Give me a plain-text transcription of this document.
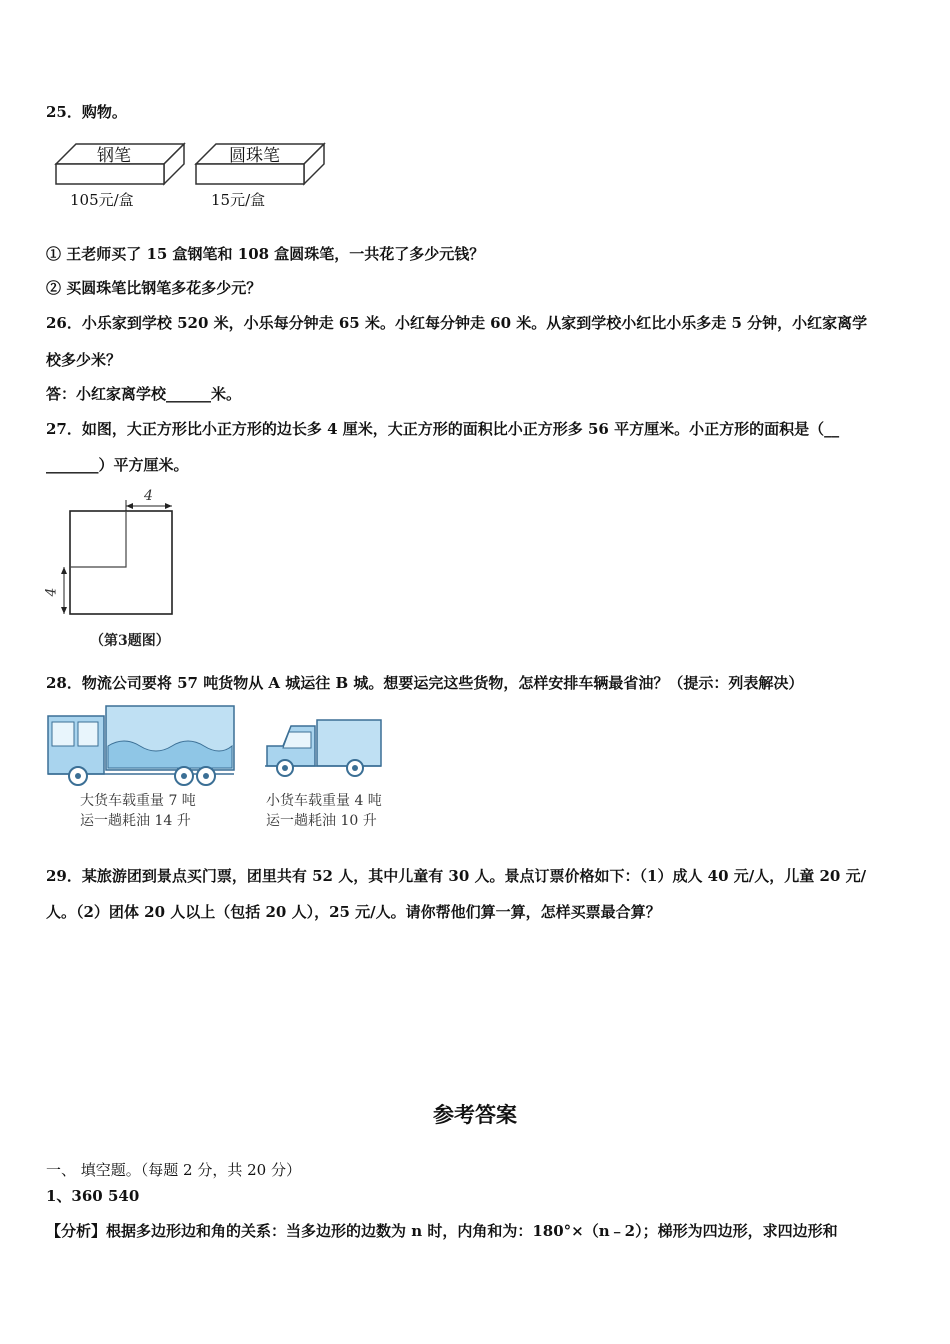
25．购物。
钢笔	圆珠笔
105元/盒	15元/盒
① 王老师买了 15 盒钢笔和 108 盒圆珠笔，一共花了多少元钱？
② 买圆珠笔比钢笔多花多少元？
26．小乐家到学校 520 米，小乐每分钟走 65 米。小红每分钟走 60 米。从家到学校小红比小乐多走 5 分钟，小红家离学
校多少米？
答：小红家离学校______米。
27．如图，大正方形比小正方形的边长多 4 厘米，大正方形的面积比小正方形多 56 平方厘米。小正方形的面积是（__
_______）平方厘米。
4
4
（第3题图）
28．物流公司要将 57 吨货物从 A 城运往 B 城。想要运完这些货物，怎样安排车辆最省油？（提示：列表解决）
大货车载重量 7 吨
运一趟耗油 14 升
小货车载重量 4 吨
运一趟耗油 10 升
29．某旅游团到景点买门票，团里共有 52 人，其中儿童有 30 人。景点订票价格如下：（1）成人 40 元/人，儿童 20 元/
人。（2）团体 20 人以上（包括 20 人），25 元/人。请你帮他们算一算，怎样买票最合算？
参考答案
一、 填空题。（每题 2 分，共 20 分）
1、360 540
【分析】根据多边形边和角的关系：当多边形的边数为 n 时，内角和为：180°×（n﹣2）；梯形为四边形，求四边形和
